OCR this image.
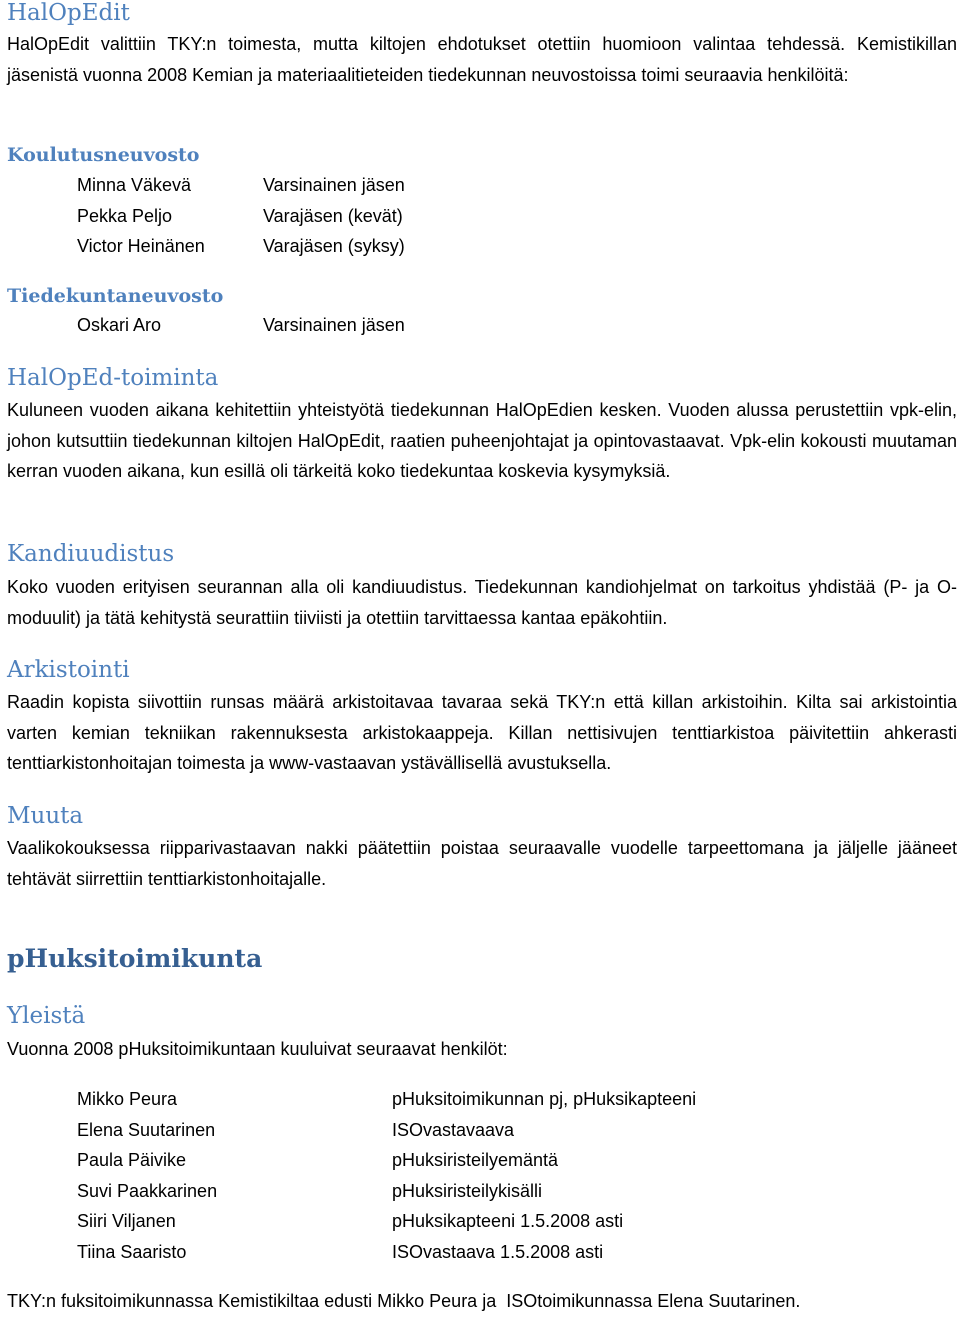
HalOpEdit

HalOpEdit valittiin TKY:n toimesta, mutta kiltojen ehdotukset otettiin huomioon valintaa tehdessä. Kemistikillan jäsenistä vuonna 2008 Kemian ja materiaalitieteiden tiedekunnan neuvostoissa toimi seuraavia henkilöitä:

Koulutusneuvosto
Minna Väkevä	Varsinainen jäsen
Pekka Peljo	Varajäsen (kevät)
Victor Heinänen	Varajäsen (syksy)
Tiedekuntaneuvosto
Oskari Aro	Varsinainen jäsen
HalOpEd-toiminta

Kuluneen vuoden aikana kehitettiin yhteistyötä tiedekunnan HalOpEdien kesken. Vuoden alussa perustettiin vpk-elin, johon kutsuttiin tiedekunnan kiltojen HalOpEdit, raatien puheenjohtajat ja opintovastaavat. Vpk-elin kokousti muutaman kerran vuoden aikana, kun esillä oli tärkeitä koko tiedekuntaa koskevia kysymyksiä.

Kandiuudistus

Koko vuoden erityisen seurannan alla oli kandiuudistus. Tiedekunnan kandiohjelmat on tarkoitus yhdistää (P- ja O-moduulit) ja tätä kehitystä seurattiin tiiviisti ja otettiin tarvittaessa kantaa epäkohtiin.

Arkistointi

Raadin kopista siivottiin runsas määrä arkistoitavaa tavaraa sekä TKY:n että killan arkistoihin. Kilta sai arkistointia varten kemian tekniikan rakennuksesta arkistokaappeja. Killan nettisivujen tenttiarkistoa päivitettiin ahkerasti tenttiarkistonhoitajan toimesta ja www-vastaavan ystävällisellä avustuksella.

Muuta

Vaalikokouksessa riipparivastaavan nakki päätettiin poistaa seuraavalle vuodelle tarpeettomana ja jäljelle jääneet tehtävät siirrettiin tenttiarkistonhoitajalle.

pHuksitoimikunta
Yleistä

Vuonna 2008 pHuksitoimikuntaan kuuluivat seuraavat henkilöt:

Mikko Peura	pHuksitoimikunnan pj, pHuksikapteeni
Elena Suutarinen	ISOvastavaava
Paula Päivike	pHuksiristeilyemäntä
Suvi Paakkarinen	pHuksiristeilykisälli
Siiri Viljanen	pHuksikapteeni 1.5.2008 asti
Tiina Saaristo	ISOvastaava 1.5.2008 asti

TKY:n fuksitoimikunnassa Kemistikiltaa edusti Mikko Peura ja  ISOtoimikunnassa Elena Suutarinen.
